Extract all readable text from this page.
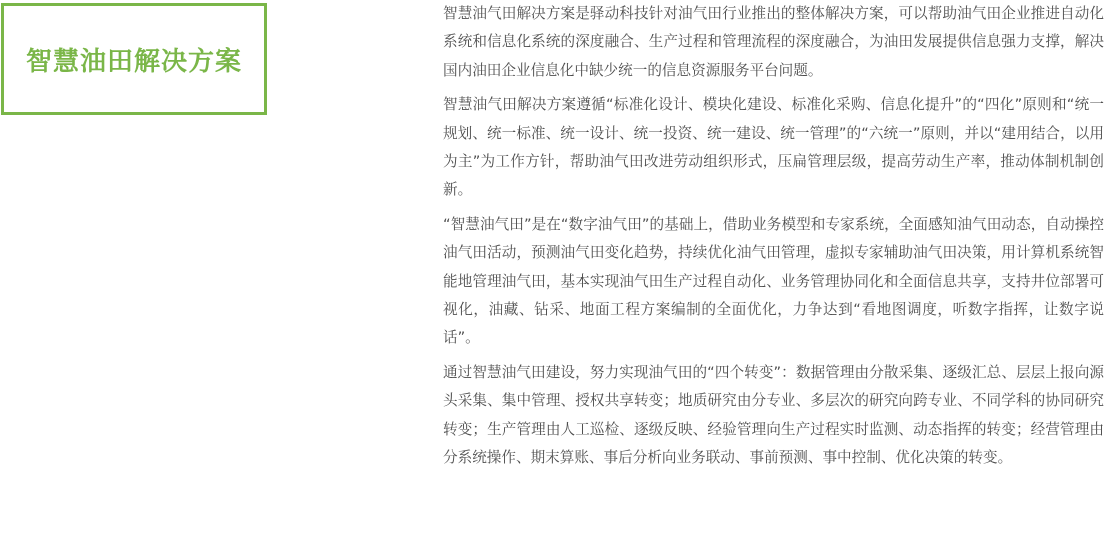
智慧油田解决方案

智慧油气田解决方案是驿动科技针对油气田行业推出的整体解决方案，可以帮助油气田企业推进自动化系统和信息化系统的深度融合、生产过程和管理流程的深度融合，为油田发展提供信息强力支撑，解决国内油田企业信息化中缺少统一的信息资源服务平台问题。

智慧油气田解决方案遵循“标准化设计、模块化建设、标准化采购、信息化提升”的“四化”原则和“统一规划、统一标准、统一设计、统一投资、统一建设、统一管理”的“六统一”原则，并以“建用结合，以用为主”为工作方针，帮助油气田改进劳动组织形式，压扁管理层级，提高劳动生产率，推动体制机制创新。

“智慧油气田”是在“数字油气田”的基础上，借助业务模型和专家系统，全面感知油气田动态，自动操控油气田活动，预测油气田变化趋势，持续优化油气田管理，虚拟专家辅助油气田决策，用计算机系统智能地管理油气田，基本实现油气田生产过程自动化、业务管理协同化和全面信息共享，支持井位部署可视化，油藏、钻采、地面工程方案编制的全面优化，力争达到“看地图调度，听数字指挥，让数字说话”。

通过智慧油气田建设，努力实现油气田的“四个转变”：数据管理由分散采集、逐级汇总、层层上报向源头采集、集中管理、授权共享转变；地质研究由分专业、多层次的研究向跨专业、不同学科的协同研究转变；生产管理由人工巡检、逐级反映、经验管理向生产过程实时监测、动态指挥的转变；经营管理由分系统操作、期末算账、事后分析向业务联动、事前预测、事中控制、优化决策的转变。
